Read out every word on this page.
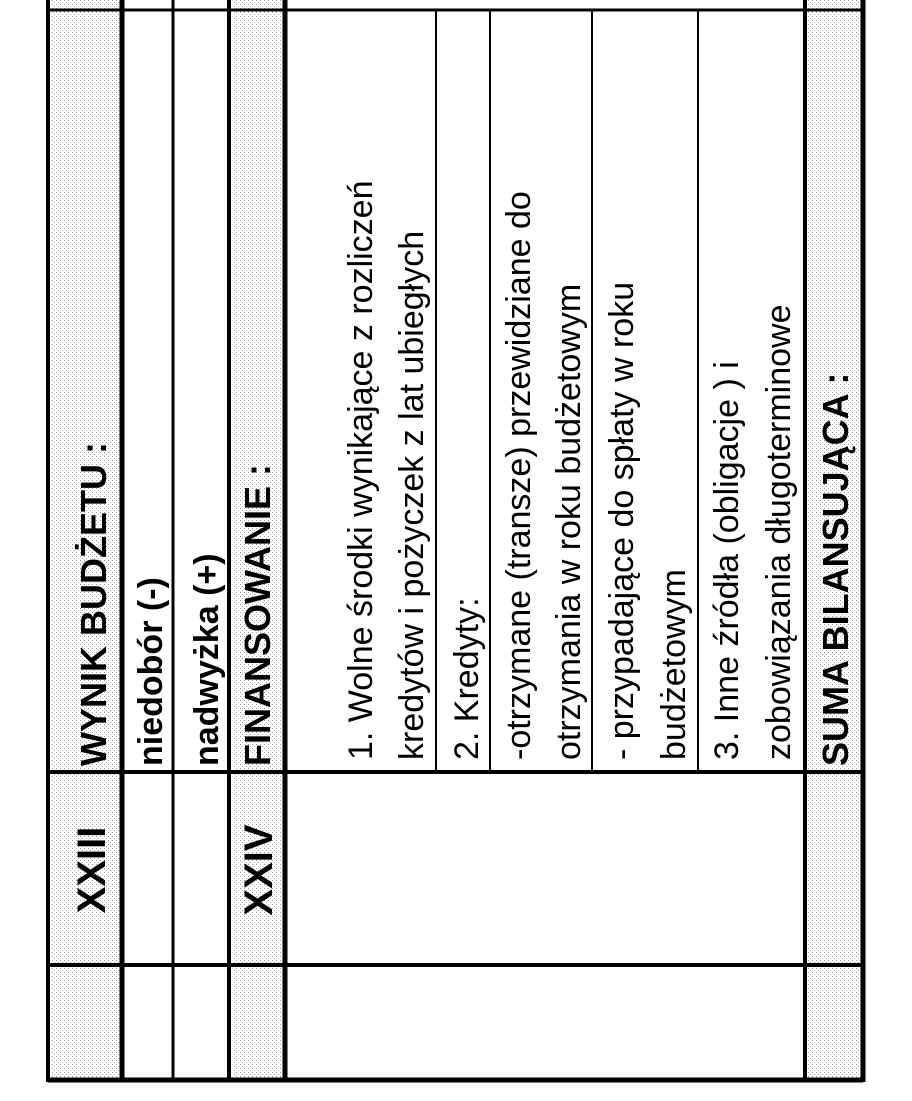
XXIII	XXIV
WYNIK BUDŻETU : niedobór (-) nadwyżka (+) FINANSOWANIE : 1. Wolne środki wynikające z rozliczeń kredytów i pożyczek z lat ubiegłych 2. Kredyty: -otrzymane (transze) przewidziane do otrzymania w roku budżetowym - przypadające do spłaty w roku budżetowym 3. Inne źródła (obligacje ) i zobowiązania długoterminowe SUMA BILANSUJĄCA :
